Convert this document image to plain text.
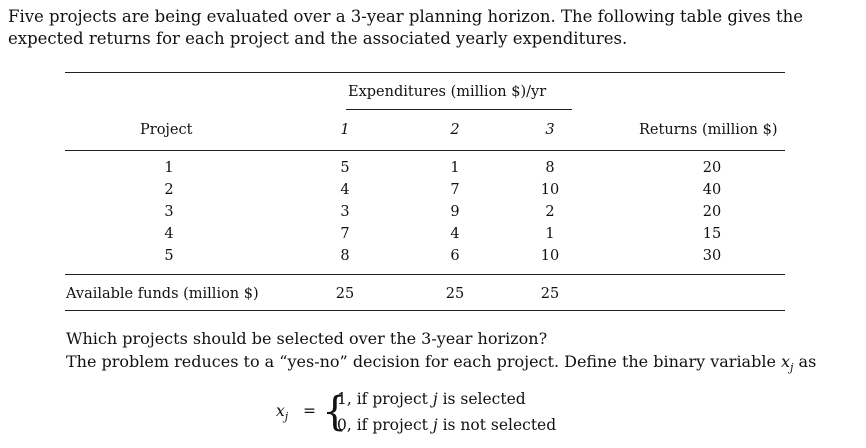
Five projects are being evaluated over a 3-year planning horizon. The following table gives the
expected returns for each project and the associated yearly expenditures.
Expenditures (million $)/yr
Project	1	2	3	Returns (million $)
1	5	1	8	20
2	4	7	10	40
3	3	9	2	20
4	7	4	1	15
5	8	6	10	30
Available funds (million $)	25	25	25
Which projects should be selected over the 3-year horizon?
The problem reduces to a “yes-no” decision for each project. Define the binary variable $x_j$ as
$x_j$ = {
1, if project j is selected
0, if project j is not selected
